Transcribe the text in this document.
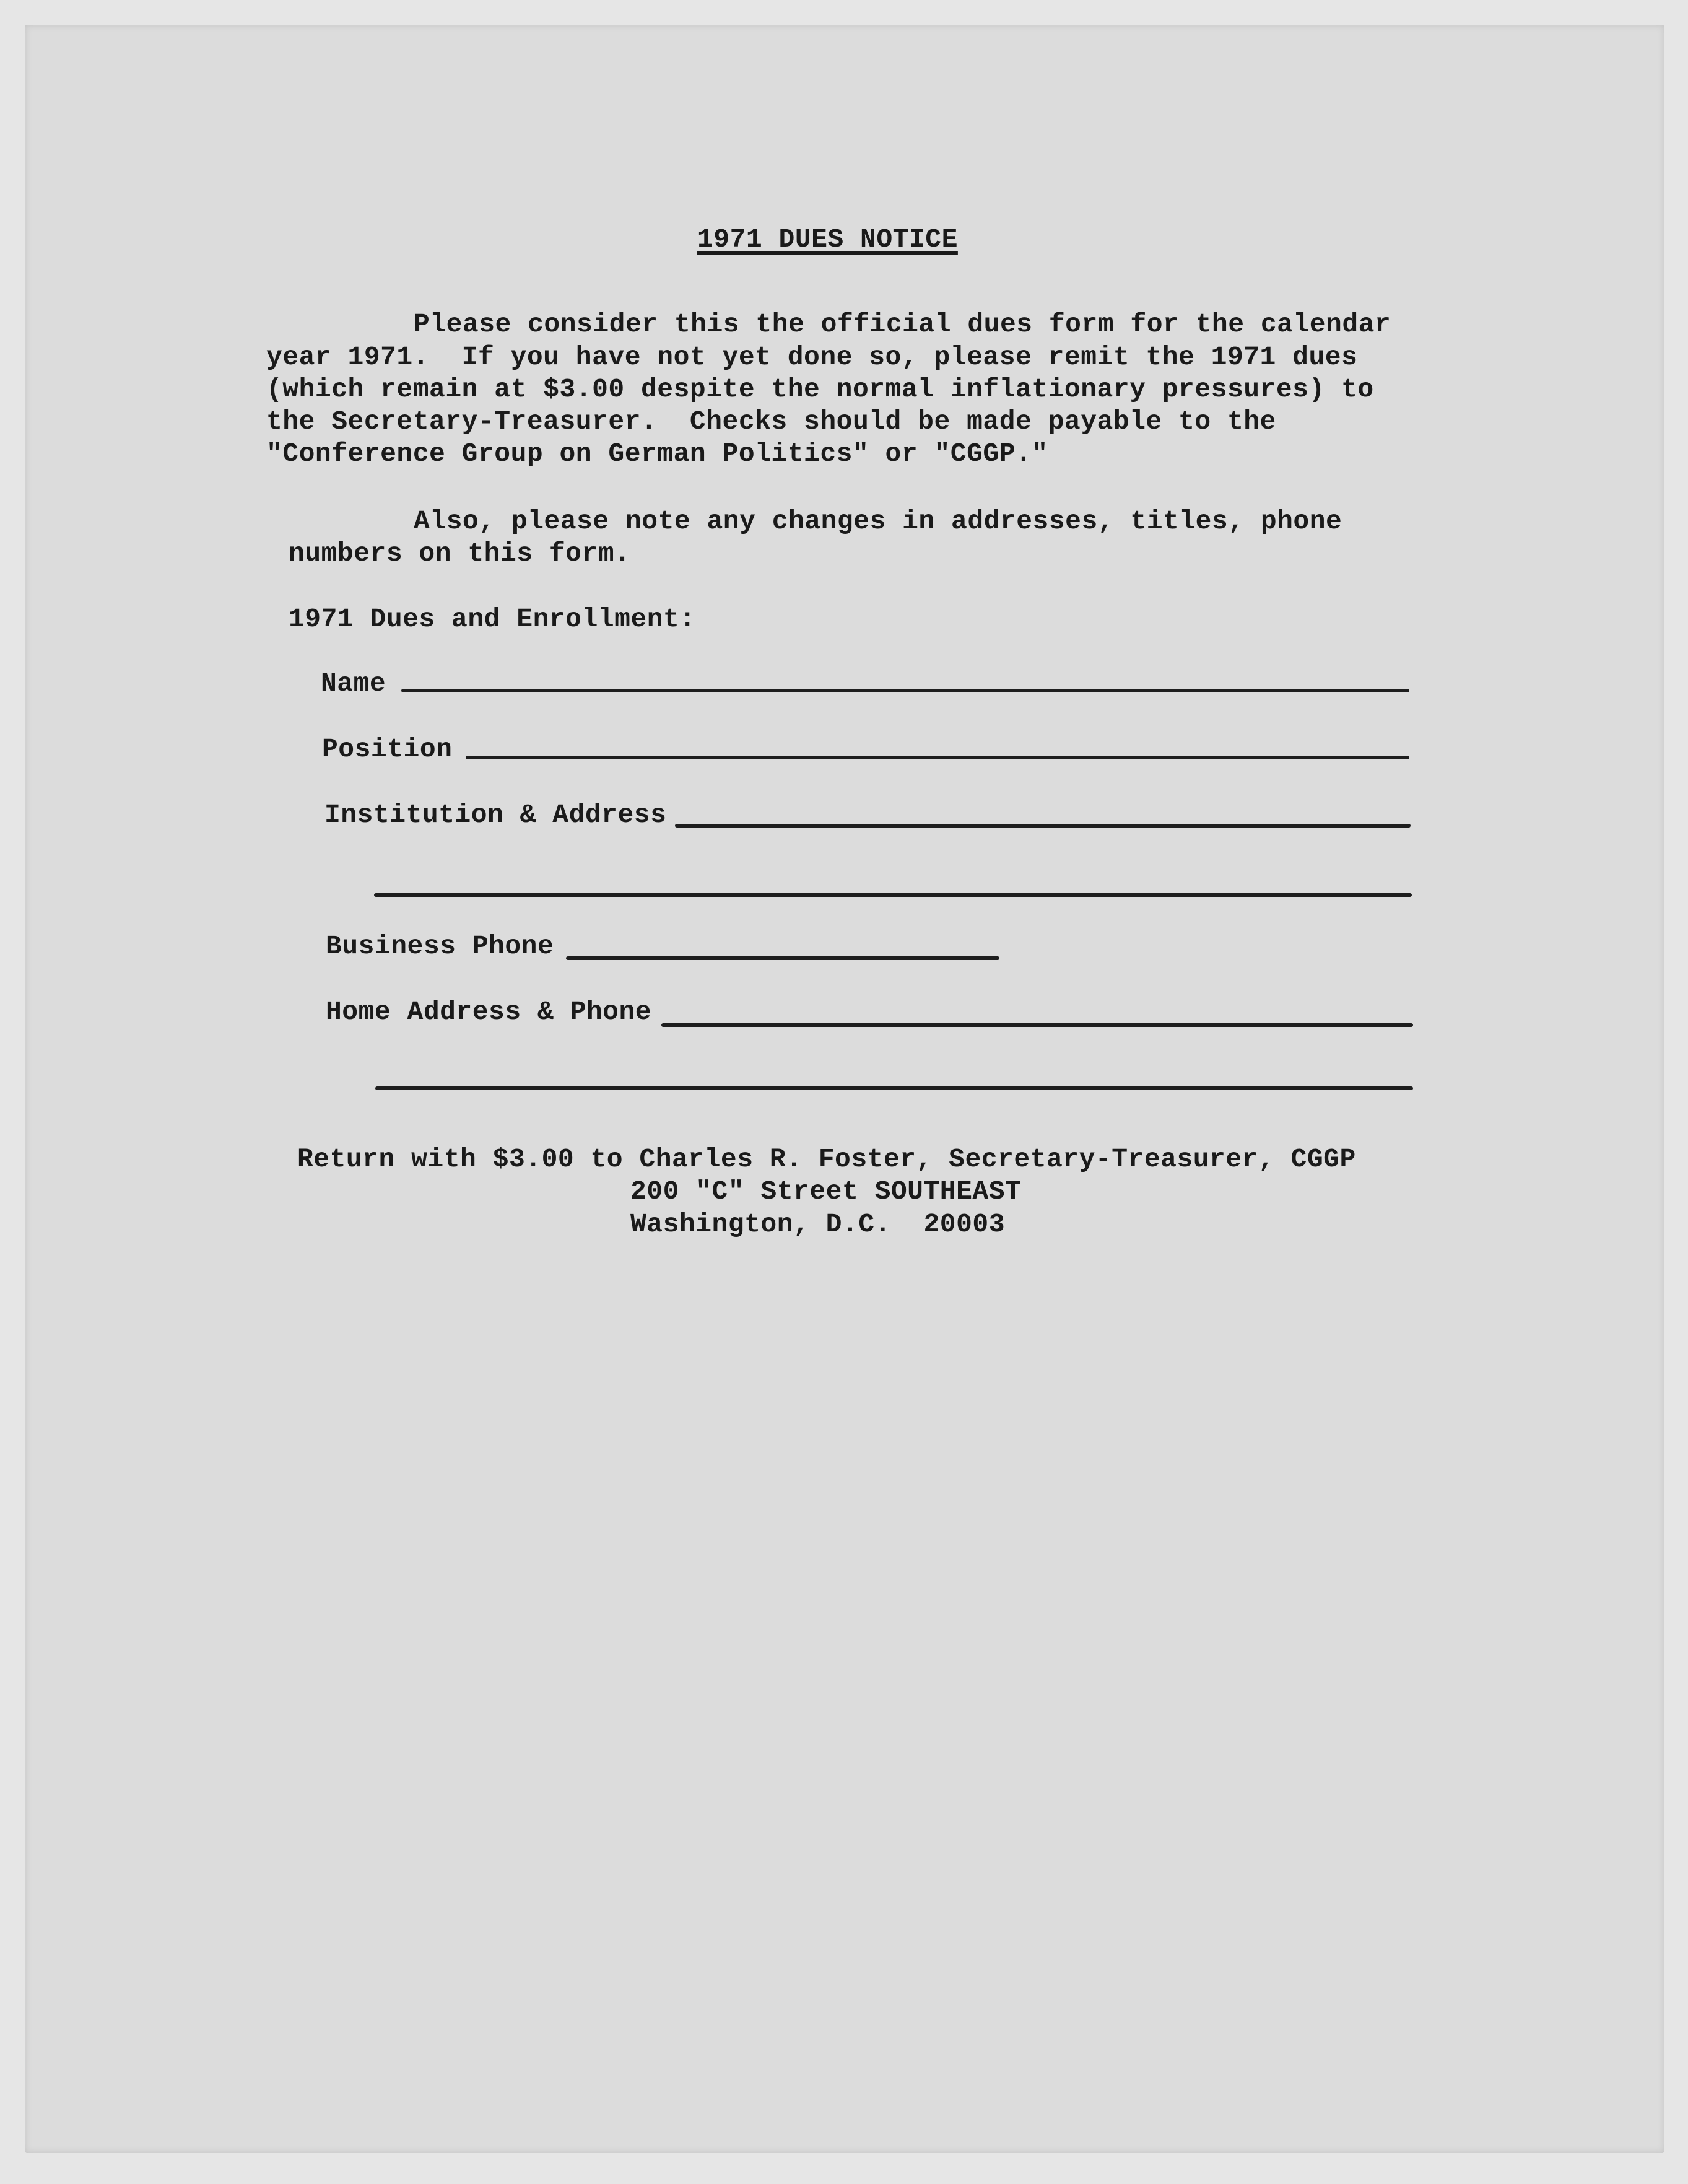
1971 DUES NOTICE
Please consider this the official dues form for the calendar
year 1971.  If you have not yet done so, please remit the 1971 dues
(which remain at $3.00 despite the normal inflationary pressures) to
the Secretary-Treasurer.  Checks should be made payable to the
"Conference Group on German Politics" or "CGGP."
Also, please note any changes in addresses, titles, phone
numbers on this form.
1971 Dues and Enrollment:
Name
Position
Institution & Address
Business Phone
Home Address & Phone
Return with $3.00 to Charles R. Foster, Secretary-Treasurer, CGGP
200 "C" Street SOUTHEAST
Washington, D.C.  20003
